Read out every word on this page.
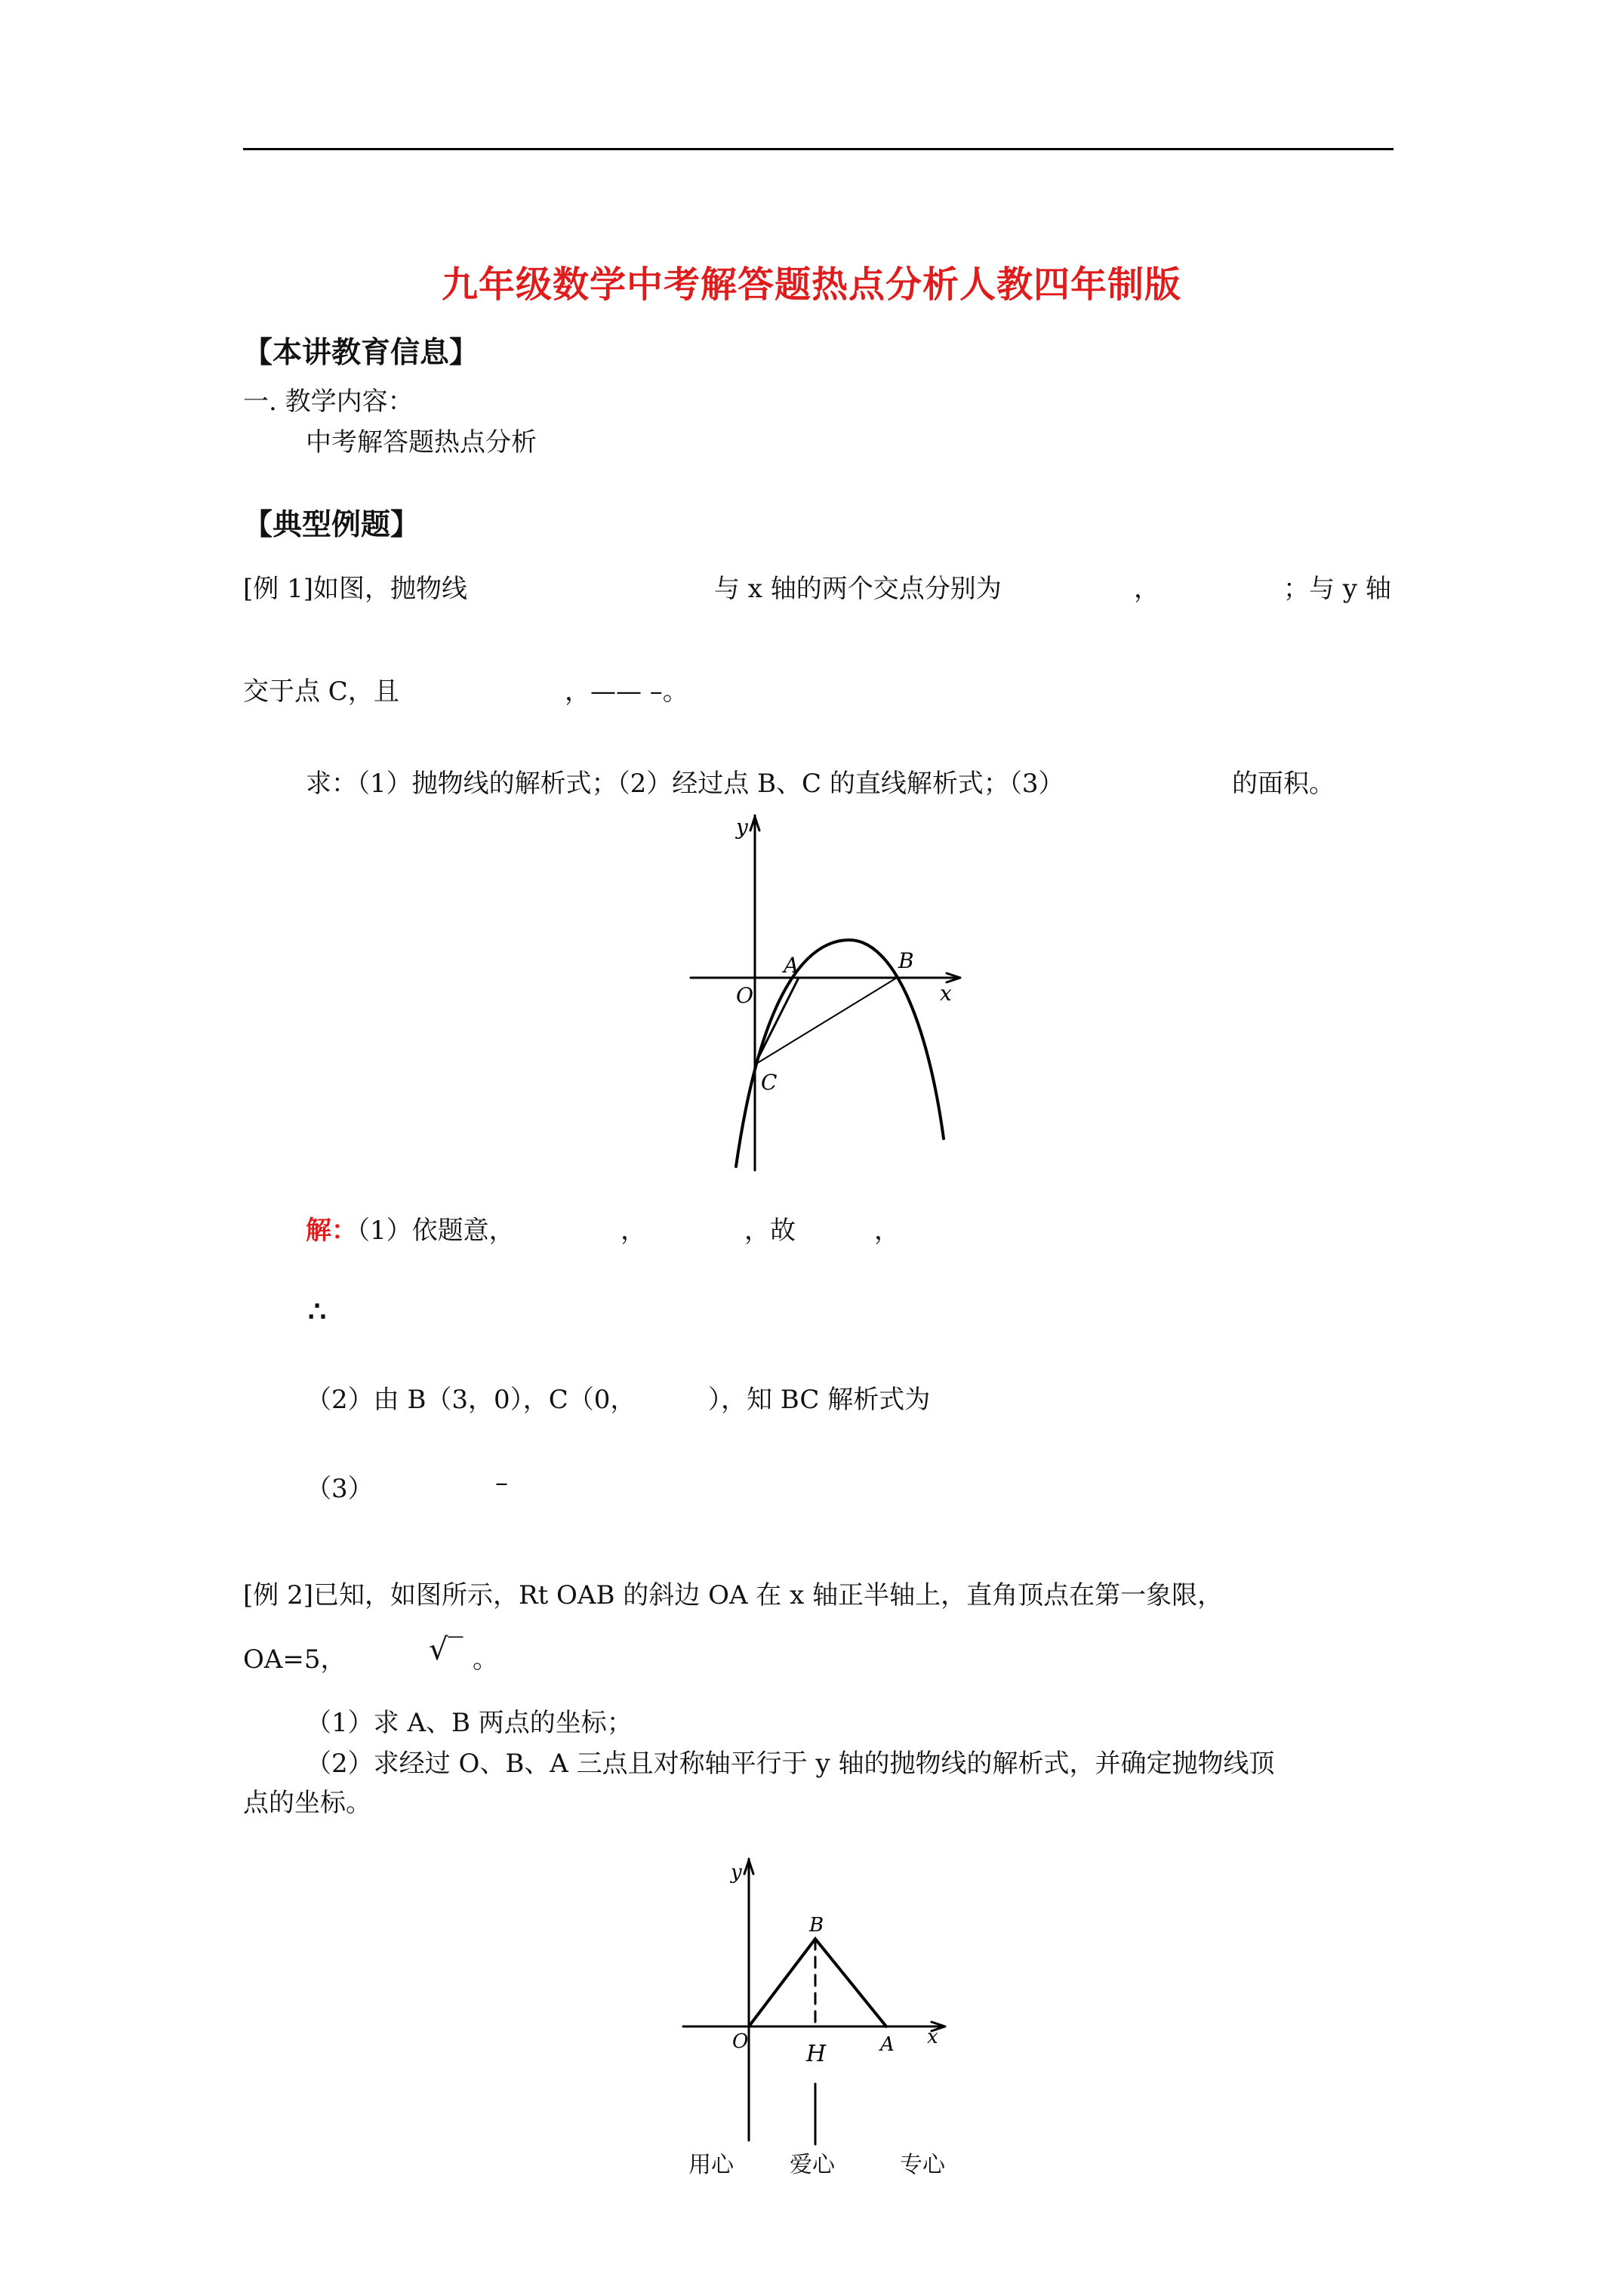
九年级数学中考解答题热点分析人教四年制版
【本讲教育信息】
一. 教学内容：
中考解答题热点分析
【典型例题】
[例 1]如图，抛物线	与 x 轴的两个交点分别为	，	；与 y 轴
交于点 C，且	，—— –。
求：（1）抛物线的解析式；（2）经过点 B、C 的直线解析式；（3）	的面积。
y
O
A	B
x
C
解：（1）依题意，	，	，故	，
∴
（2）由 B（3，0），C（0，	），知 BC 解析式为
（3）	–
[例 2]已知，如图所示，Rt OAB 的斜边 OA 在 x 轴正半轴上，直角顶点在第一象限，
OA=5，	√‾ 。
（1）求 A、B 两点的坐标；
（2）求经过 O、B、A 三点且对称轴平行于 y 轴的抛物线的解析式，并确定抛物线顶
点的坐标。
y
O
B
H	A x
用心 爱心	专心
